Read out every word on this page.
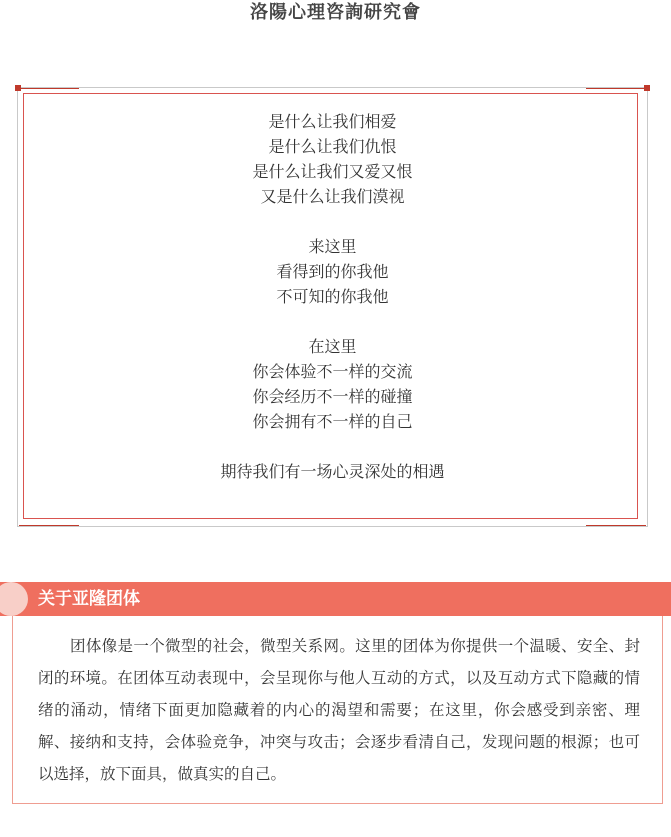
洛陽心理咨詢研究會
是什么让我们相爱
是什么让我们仇恨
是什么让我们又爱又恨
又是什么让我们漠视
来这里
看得到的你我他
不可知的你我他
在这里
你会体验不一样的交流
你会经历不一样的碰撞
你会拥有不一样的自己
期待我们有一场心灵深处的相遇
关于亚隆团体

团体像是一个微型的社会，微型关系网。这里的团体为你提供一个温暖、安全、封闭的环境。在团体互动表现中，会呈现你与他人互动的方式，以及互动方式下隐藏的情绪的涌动，情绪下面更加隐藏着的内心的渴望和需要；在这里，你会感受到亲密、理解、接纳和支持，会体验竞争，冲突与攻击；会逐步看清自己，发现问题的根源；也可以选择，放下面具，做真实的自己。
